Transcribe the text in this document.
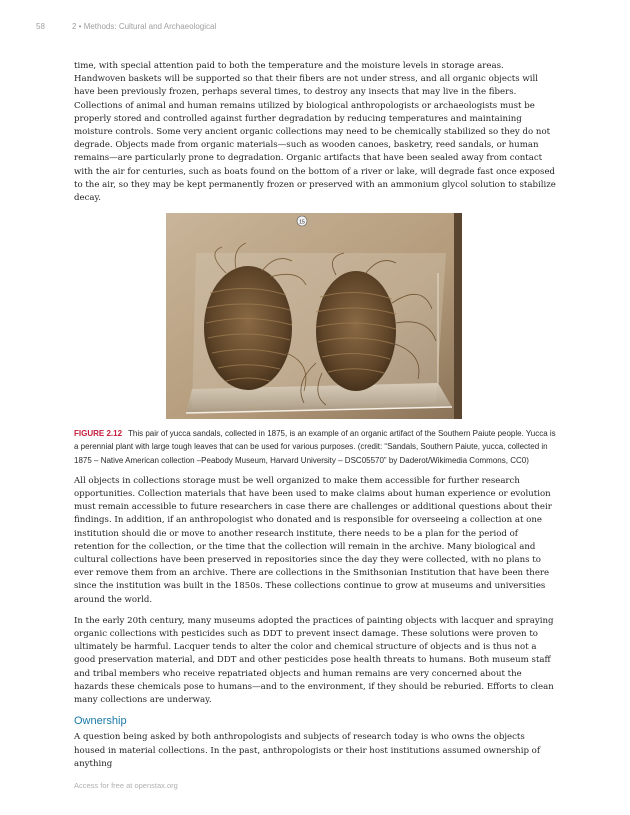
58	2 • Methods: Cultural and Archaeological

time, with special attention paid to both the temperature and the moisture levels in storage areas. Handwoven baskets will be supported so that their fibers are not under stress, and all organic objects will have been previously frozen, perhaps several times, to destroy any insects that may live in the fibers. Collections of animal and human remains utilized by biological anthropologists or archaeologists must be properly stored and controlled against further degradation by reducing temperatures and maintaining moisture controls. Some very ancient organic collections may need to be chemically stabilized so they do not degrade. Objects made from organic materials—such as wooden canoes, basketry, reed sandals, or human remains—are particularly prone to degradation. Organic artifacts that have been sealed away from contact with the air for centuries, such as boats found on the bottom of a river or lake, will degrade fast once exposed to the air, so they may be kept permanently frozen or preserved with an ammonium glycol solution to stabilize decay.

15

FIGURE 2.12 This pair of yucca sandals, collected in 1875, is an example of an organic artifact of the Southern Paiute people. Yucca is a perennial plant with large tough leaves that can be used for various purposes. (credit: “Sandals, Southern Paiute, yucca, collected in 1875 – Native American collection –Peabody Museum, Harvard University – DSC05570” by Daderot/Wikimedia Commons, CC0)

All objects in collections storage must be well organized to make them accessible for further research opportunities. Collection materials that have been used to make claims about human experience or evolution must remain accessible to future researchers in case there are challenges or additional questions about their findings. In addition, if an anthropologist who donated and is responsible for overseeing a collection at one institution should die or move to another research institute, there needs to be a plan for the period of retention for the collection, or the time that the collection will remain in the archive. Many biological and cultural collections have been preserved in repositories since the day they were collected, with no plans to ever remove them from an archive. There are collections in the Smithsonian Institution that have been there since the institution was built in the 1850s. These collections continue to grow at museums and universities around the world.

In the early 20th century, many museums adopted the practices of painting objects with lacquer and spraying organic collections with pesticides such as DDT to prevent insect damage. These solutions were proven to ultimately be harmful. Lacquer tends to alter the color and chemical structure of objects and is thus not a good preservation material, and DDT and other pesticides pose health threats to humans. Both museum staff and tribal members who receive repatriated objects and human remains are very concerned about the hazards these chemicals pose to humans—and to the environment, if they should be reburied. Efforts to clean many collections are underway.

Ownership

A question being asked by both anthropologists and subjects of research today is who owns the objects housed in material collections. In the past, anthropologists or their host institutions assumed ownership of anything

Access for free at openstax.org
